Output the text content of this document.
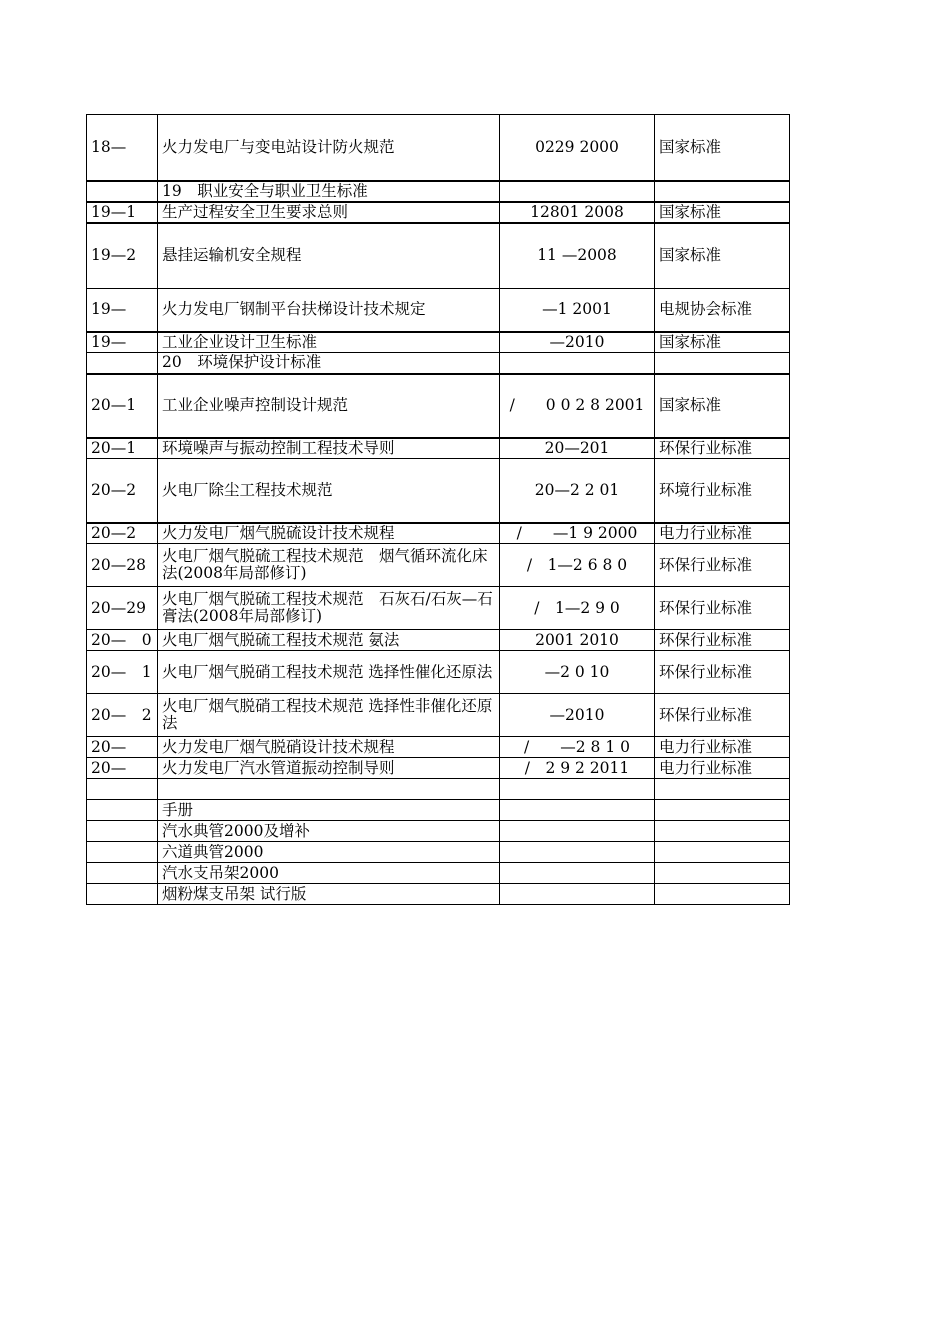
18—	火力发电厂与变电站设计防火规范	0229 2000	国家标准
	19　职业安全与职业卫生标准		
19—1	生产过程安全卫生要求总则	12801 2008	国家标准
19—2	悬挂运输机安全规程	11 —2008	国家标准
19—	火力发电厂钢制平台扶梯设计技术规定	—1 2001	电规协会标准
19—	工业企业设计卫生标准	—2010	国家标准
	20　环境保护设计标准		
20—1	工业企业噪声控制设计规范	/　　0 0 2 8 2001	国家标准
20—1	环境噪声与振动控制工程技术导则	20—201	环保行业标准
20—2	火电厂除尘工程技术规范	20—2 2 01	环境行业标准
20—2	火力发电厂烟气脱硫设计技术规程	/　　—1 9 2000	电力行业标准
20—28	火电厂烟气脱硫工程技术规范　烟气循环流化床法(2008年局部修订)	/　1—2 6 8 0	环保行业标准
20—29	火电厂烟气脱硫工程技术规范　石灰石/石灰—石膏法(2008年局部修订)	/　1—2 9 0	环保行业标准
20—　0	火电厂烟气脱硫工程技术规范 氨法	2001 2010	环保行业标准
20—　1	火电厂烟气脱硝工程技术规范 选择性催化还原法	—2 0 10	环保行业标准
20—　2	火电厂烟气脱硝工程技术规范 选择性非催化还原法	—2010	环保行业标准
20—	火力发电厂烟气脱硝设计技术规程	/　　—2 8 1 0	电力行业标准
20—	火力发电厂汽水管道振动控制导则	/　2 9 2 2011	电力行业标准

	手册		
	汽水典管2000及增补		
	六道典管2000		
	汽水支吊架2000		
	烟粉煤支吊架 试行版		
